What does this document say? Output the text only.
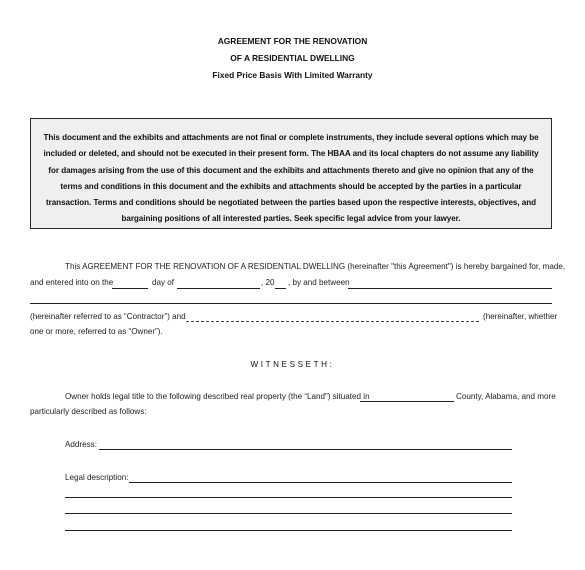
AGREEMENT FOR THE RENOVATION
OF A RESIDENTIAL DWELLING
Fixed Price Basis With Limited Warranty

This document and the exhibits and attachments are not final or complete instruments, they include several options which may be included or deleted, and should not be executed in their present form. The HBAA and its local chapters do not assume any liability for damages arising from the use of this document and the exhibits and attachments thereto and give no opinion that any of the terms and conditions in this document and the exhibits and attachments should be accepted by the parties in a particular transaction. Terms and conditions should be negotiated between the parties based upon the respective interests, objectives, and bargaining positions of all interested parties. Seek specific legal advice from your lawyer.

This AGREEMENT FOR THE RENOVATION OF A RESIDENTIAL DWELLING (hereinafter "this Agreement") is hereby bargained for, made,
and entered into on the	day of	, 20 , by and between
(hereinafter referred to as “Contractor”) and	(hereinafter, whether
one or more, referred to as “Owner”).
WITNESSETH:
Owner holds legal title to the following described real property (the “Land”) situated in	County, Alabama, and more
particularly described as follows:
Address:
Legal description:
